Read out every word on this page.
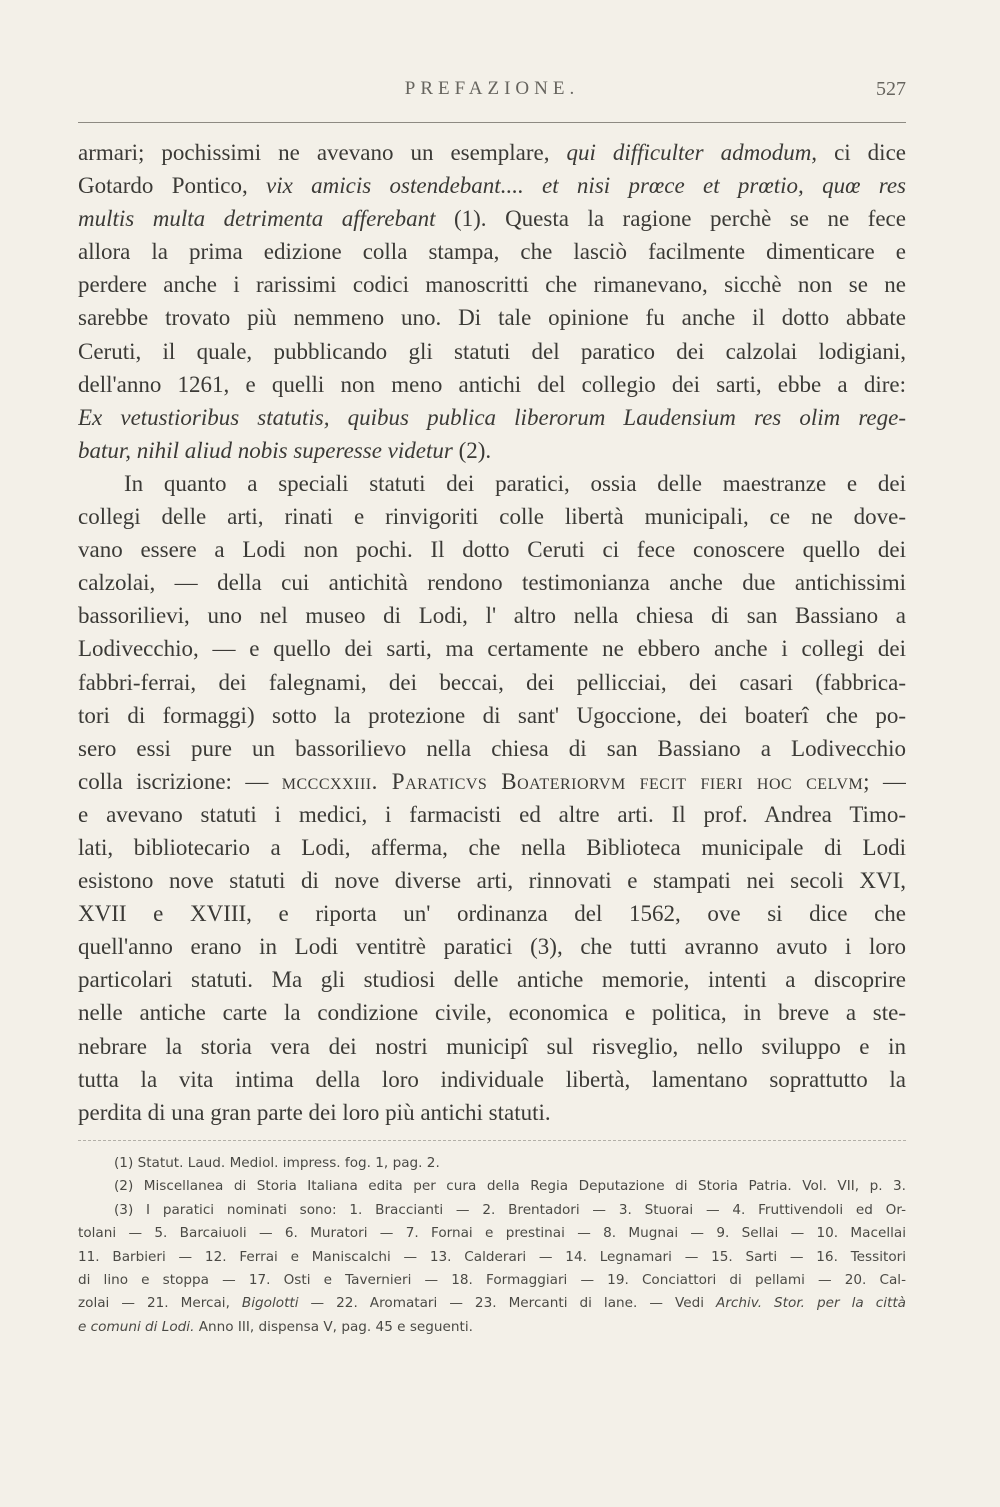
PREFAZIONE.	527
armari; pochissimi ne avevano un esemplare, qui difficulter admodum, ci dice
Gotardo Pontico, vix amicis ostendebant.... et nisi prœce et prœtio, quœ res
multis multa detrimenta afferebant (1). Questa la ragione perchè se ne fece
allora la prima edizione colla stampa, che lasciò facilmente dimenticare e
perdere anche i rarissimi codici manoscritti che rimanevano, sicchè non se ne
sarebbe trovato più nemmeno uno. Di tale opinione fu anche il dotto abbate
Ceruti, il quale, pubblicando gli statuti del paratico dei calzolai lodigiani,
dell'anno 1261, e quelli non meno antichi del collegio dei sarti, ebbe a dire:
Ex vetustioribus statutis, quibus publica liberorum Laudensium res olim rege-
batur, nihil aliud nobis superesse videtur (2).
In quanto a speciali statuti dei paratici, ossia delle maestranze e dei
collegi delle arti, rinati e rinvigoriti colle libertà municipali, ce ne dove-
vano essere a Lodi non pochi. Il dotto Ceruti ci fece conoscere quello dei
calzolai, — della cui antichità rendono testimonianza anche due antichissimi
bassorilievi, uno nel museo di Lodi, l' altro nella chiesa di san Bassiano a
Lodivecchio, — e quello dei sarti, ma certamente ne ebbero anche i collegi dei
fabbri-ferrai, dei falegnami, dei beccai, dei pellicciai, dei casari (fabbrica-
tori di formaggi) sotto la protezione di sant' Ugoccione, dei boaterî che po-
sero essi pure un bassorilievo nella chiesa di san Bassiano a Lodivecchio
colla iscrizione: — mccc​xxiii. Paraticvs Boateriorvm fecit fieri hoc celvm; —
e avevano statuti i medici, i farmacisti ed altre arti. Il prof. Andrea Timo-
lati, bibliotecario a Lodi, afferma, che nella Biblioteca municipale di Lodi
esistono nove statuti di nove diverse arti, rinnovati e stampati nei secoli XVI,
XVII e XVIII, e riporta un' ordinanza del 1562, ove si dice che
quell'anno erano in Lodi ventitrè paratici (3), che tutti avranno avuto i loro
particolari statuti. Ma gli studiosi delle antiche memorie, intenti a discoprire
nelle antiche carte la condizione civile, economica e politica, in breve a ste-
nebrare la storia vera dei nostri municipî sul risveglio, nello sviluppo e in
tutta la vita intima della loro individuale libertà, lamentano soprattutto la
perdita di una gran parte dei loro più antichi statuti.
(1) Statut. Laud. Mediol. impress. fog. 1, pag. 2.
(2) Miscellanea di Storia Italiana edita per cura della Regia Deputazione di Storia Patria. Vol. VII, p. 3.
(3) I paratici nominati sono: 1. Braccianti — 2. Brentadori — 3. Stuorai — 4. Fruttivendoli ed Or-
tolani — 5. Barcaiuoli — 6. Muratori — 7. Fornai e prestinai — 8. Mugnai — 9. Sellai — 10. Macellai
11. Barbieri — 12. Ferrai e Maniscalchi — 13. Calderari — 14. Legnamari — 15. Sarti — 16. Tessitori
di lino e stoppa — 17. Osti e Tavernieri — 18. Formaggiari — 19. Conciattori di pellami — 20. Cal-
zolai — 21. Mercai, Bigolotti — 22. Aromatari — 23. Mercanti di lane. — Vedi Archiv. Stor. per la città
e comuni di Lodi. Anno III, dispensa V, pag. 45 e seguenti.
